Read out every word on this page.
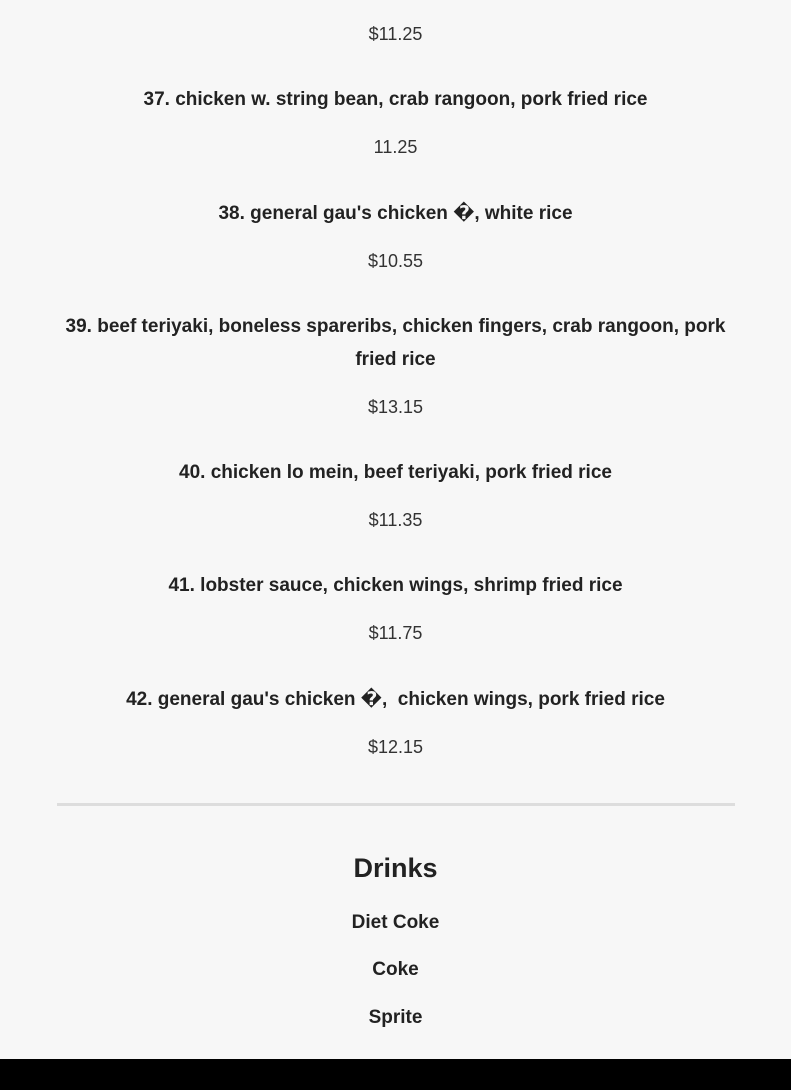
$11.25

37. chicken w. string bean, crab rangoon, pork fried rice

11.25

38. general gau's chicken �, white rice

$10.55

39. beef teriyaki, boneless spareribs, chicken fingers, crab rangoon, pork fried rice

$13.15

40. chicken lo mein, beef teriyaki, pork fried rice

$11.35

41. lobster sauce, chicken wings, shrimp fried rice

$11.75

42. general gau's chicken �,  chicken wings, pork fried rice

$12.15
Drinks
Diet Coke
Coke
Sprite
